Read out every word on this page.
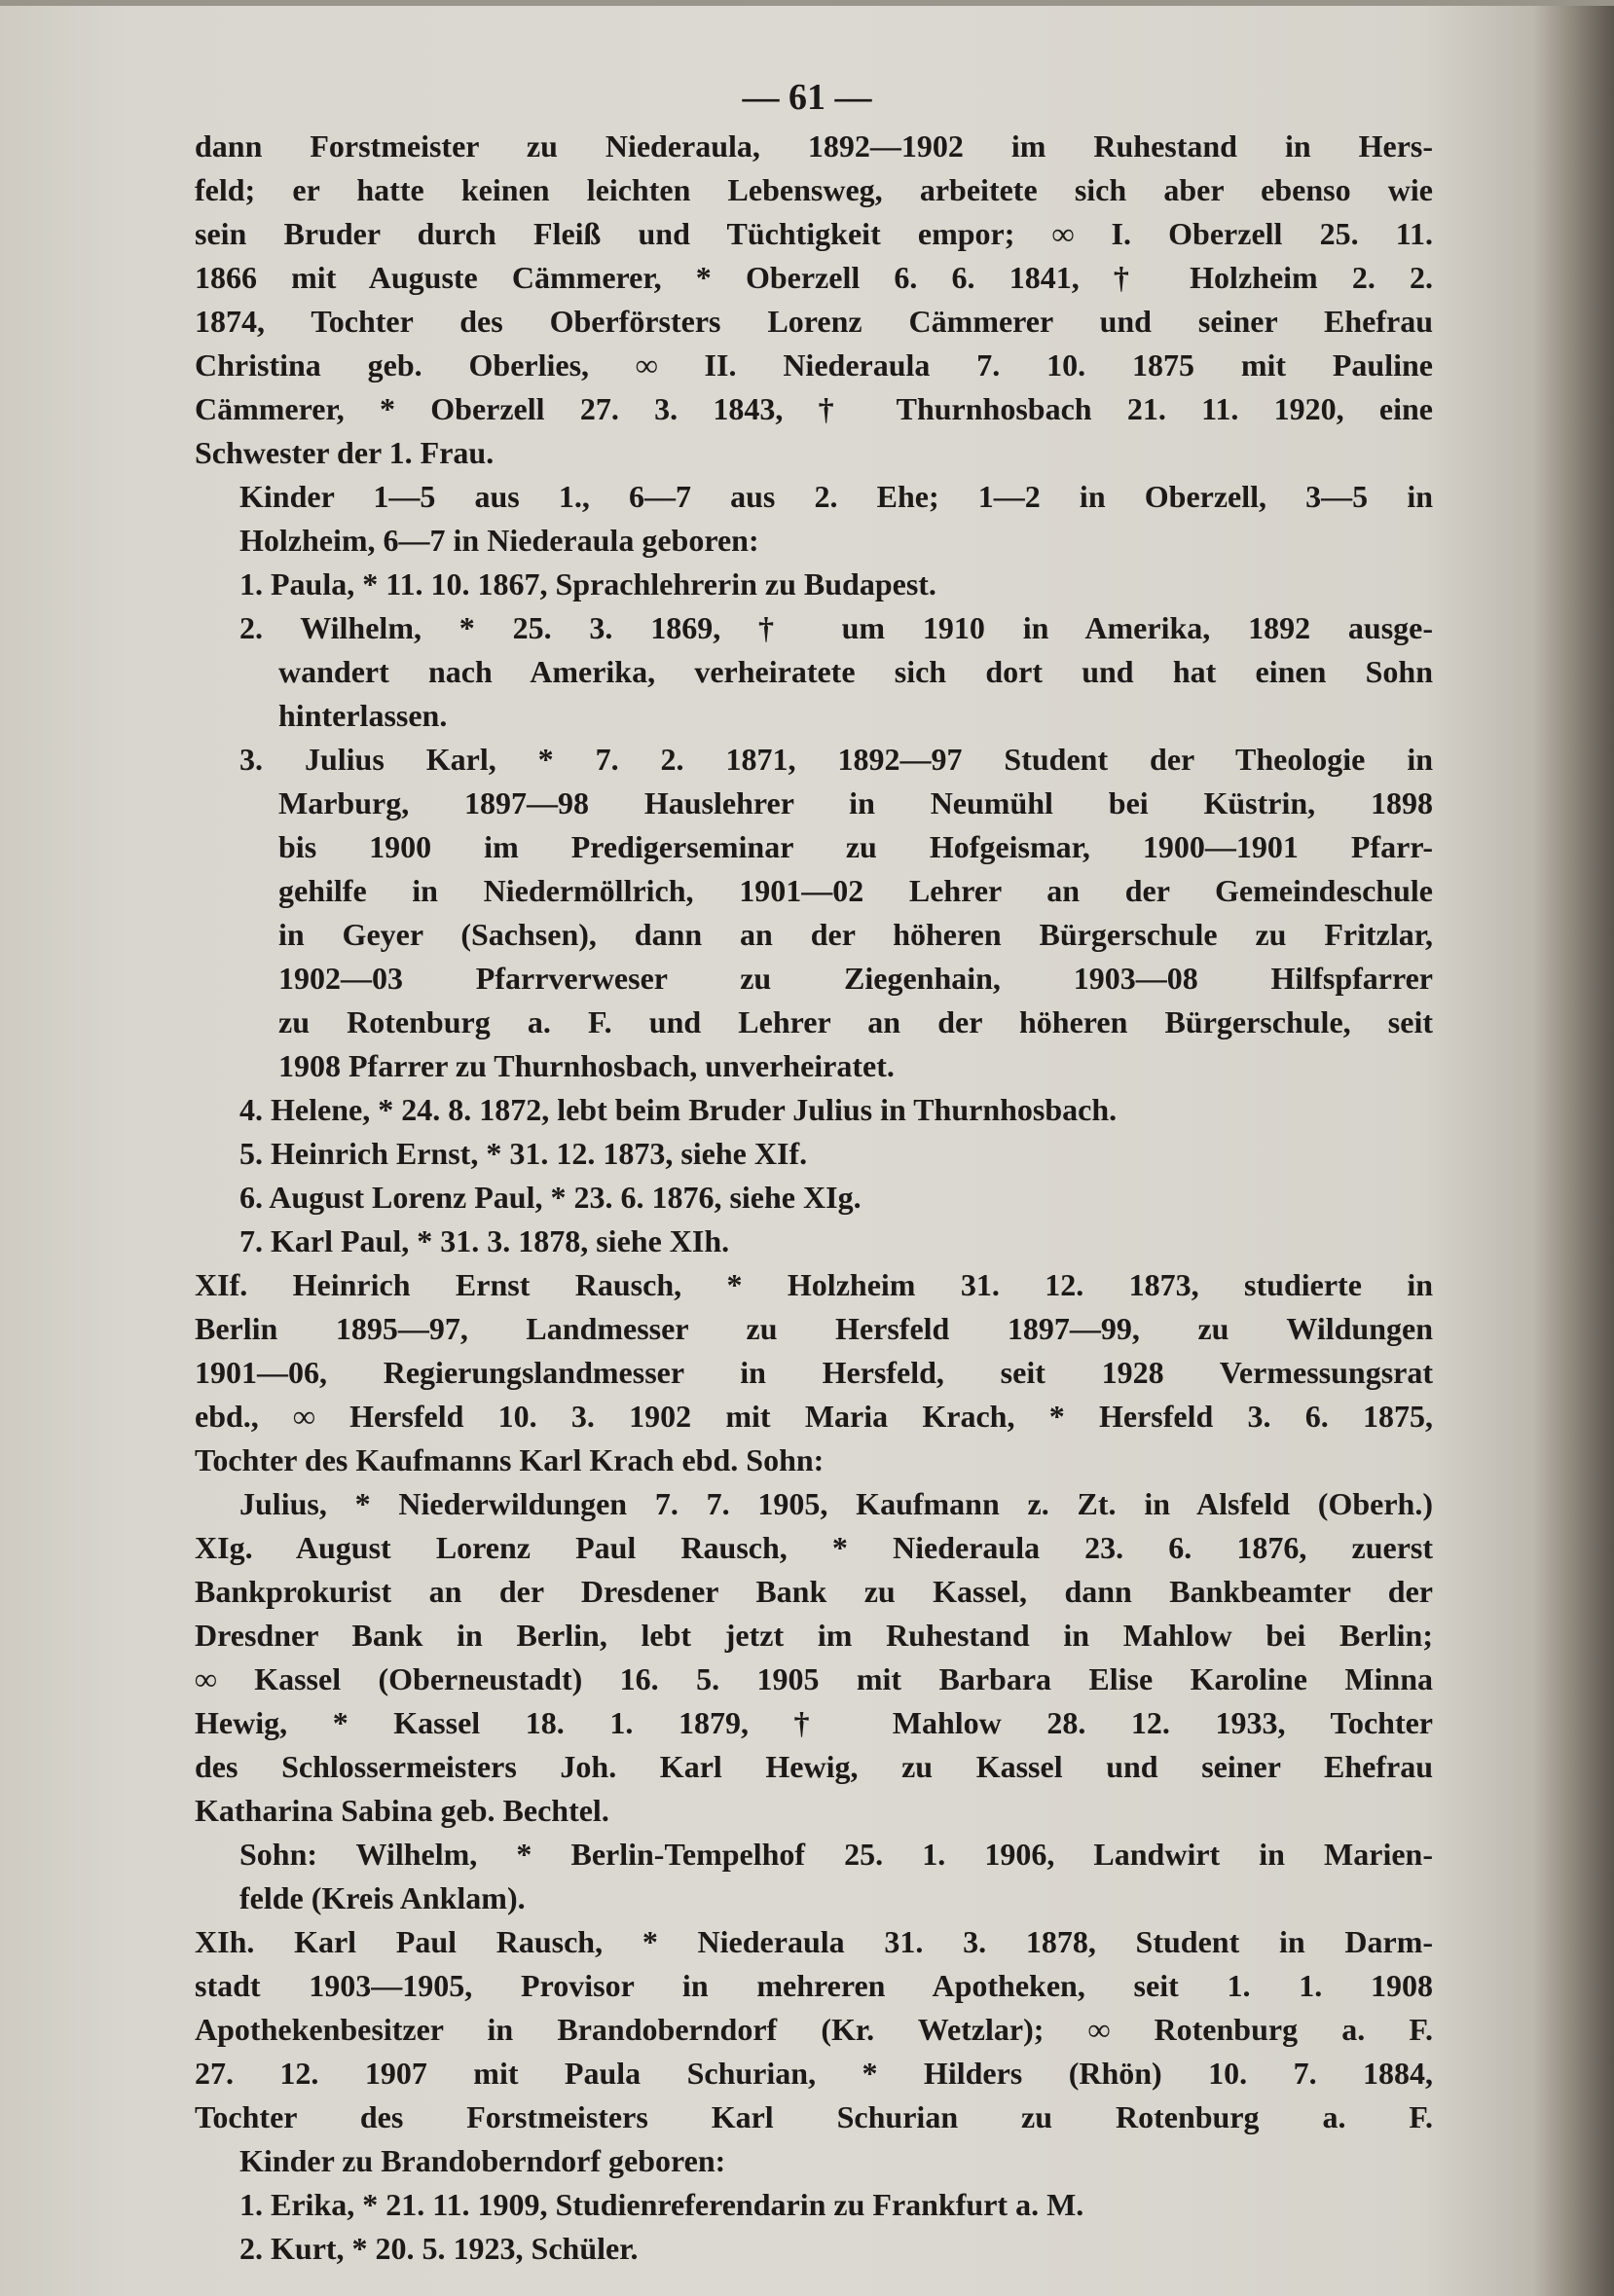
— 61 —
dann Forstmeister zu Niederaula, 1892—1902 im Ruhestand in Hers-
feld; er hatte keinen leichten Lebensweg, arbeitete sich aber ebenso wie
sein Bruder durch Fleiß und Tüchtigkeit empor; ∞ I. Oberzell 25. 11.
1866 mit Auguste Cämmerer, * Oberzell 6. 6. 1841, † Holzheim 2. 2.
1874, Tochter des Oberförsters Lorenz Cämmerer und seiner Ehefrau
Christina geb. Oberlies, ∞ II. Niederaula 7. 10. 1875 mit Pauline
Cämmerer, * Oberzell 27. 3. 1843, † Thurnhosbach 21. 11. 1920, eine
Schwester der 1. Frau.
Kinder 1—5 aus 1., 6—7 aus 2. Ehe; 1—2 in Oberzell, 3—5 in
Holzheim, 6—7 in Niederaula geboren:
1. Paula, * 11. 10. 1867, Sprachlehrerin zu Budapest.
2. Wilhelm, * 25. 3. 1869, † um 1910 in Amerika, 1892 ausge-
wandert nach Amerika, verheiratete sich dort und hat einen Sohn
hinterlassen.
3. Julius Karl, * 7. 2. 1871, 1892—97 Student der Theologie in
Marburg, 1897—98 Hauslehrer in Neumühl bei Küstrin, 1898
bis 1900 im Predigerseminar zu Hofgeismar, 1900—1901 Pfarr-
gehilfe in Niedermöllrich, 1901—02 Lehrer an der Gemeindeschule
in Geyer (Sachsen), dann an der höheren Bürgerschule zu Fritzlar,
1902—03 Pfarrverweser zu Ziegenhain, 1903—08 Hilfspfarrer
zu Rotenburg a. F. und Lehrer an der höheren Bürgerschule, seit
1908 Pfarrer zu Thurnhosbach, unverheiratet.
4. Helene, * 24. 8. 1872, lebt beim Bruder Julius in Thurnhosbach.
5. Heinrich Ernst, * 31. 12. 1873, siehe XIf.
6. August Lorenz Paul, * 23. 6. 1876, siehe XIg.
7. Karl Paul, * 31. 3. 1878, siehe XIh.
XIf. Heinrich Ernst Rausch, * Holzheim 31. 12. 1873, studierte in
Berlin 1895—97, Landmesser zu Hersfeld 1897—99, zu Wildungen
1901—06, Regierungslandmesser in Hersfeld, seit 1928 Vermessungsrat
ebd., ∞ Hersfeld 10. 3. 1902 mit Maria Krach, * Hersfeld 3. 6. 1875,
Tochter des Kaufmanns Karl Krach ebd. Sohn:
Julius, * Niederwildungen 7. 7. 1905, Kaufmann z. Zt. in Alsfeld (Oberh.)
XIg. August Lorenz Paul Rausch, * Niederaula 23. 6. 1876, zuerst
Bankprokurist an der Dresdener Bank zu Kassel, dann Bankbeamter der
Dresdner Bank in Berlin, lebt jetzt im Ruhestand in Mahlow bei Berlin;
∞ Kassel (Oberneustadt) 16. 5. 1905 mit Barbara Elise Karoline Minna
Hewig, * Kassel 18. 1. 1879, † Mahlow 28. 12. 1933, Tochter
des Schlossermeisters Joh. Karl Hewig, zu Kassel und seiner Ehefrau
Katharina Sabina geb. Bechtel.
Sohn: Wilhelm, * Berlin-Tempelhof 25. 1. 1906, Landwirt in Marien-
felde (Kreis Anklam).
XIh. Karl Paul Rausch, * Niederaula 31. 3. 1878, Student in Darm-
stadt 1903—1905, Provisor in mehreren Apotheken, seit 1. 1. 1908
Apothekenbesitzer in Brandoberndorf (Kr. Wetzlar); ∞ Rotenburg a. F.
27. 12. 1907 mit Paula Schurian, * Hilders (Rhön) 10. 7. 1884,
Tochter des Forstmeisters Karl Schurian zu Rotenburg a. F.
Kinder zu Brandoberndorf geboren:
1. Erika, * 21. 11. 1909, Studienreferendarin zu Frankfurt a. M.
2. Kurt, * 20. 5. 1923, Schüler.
